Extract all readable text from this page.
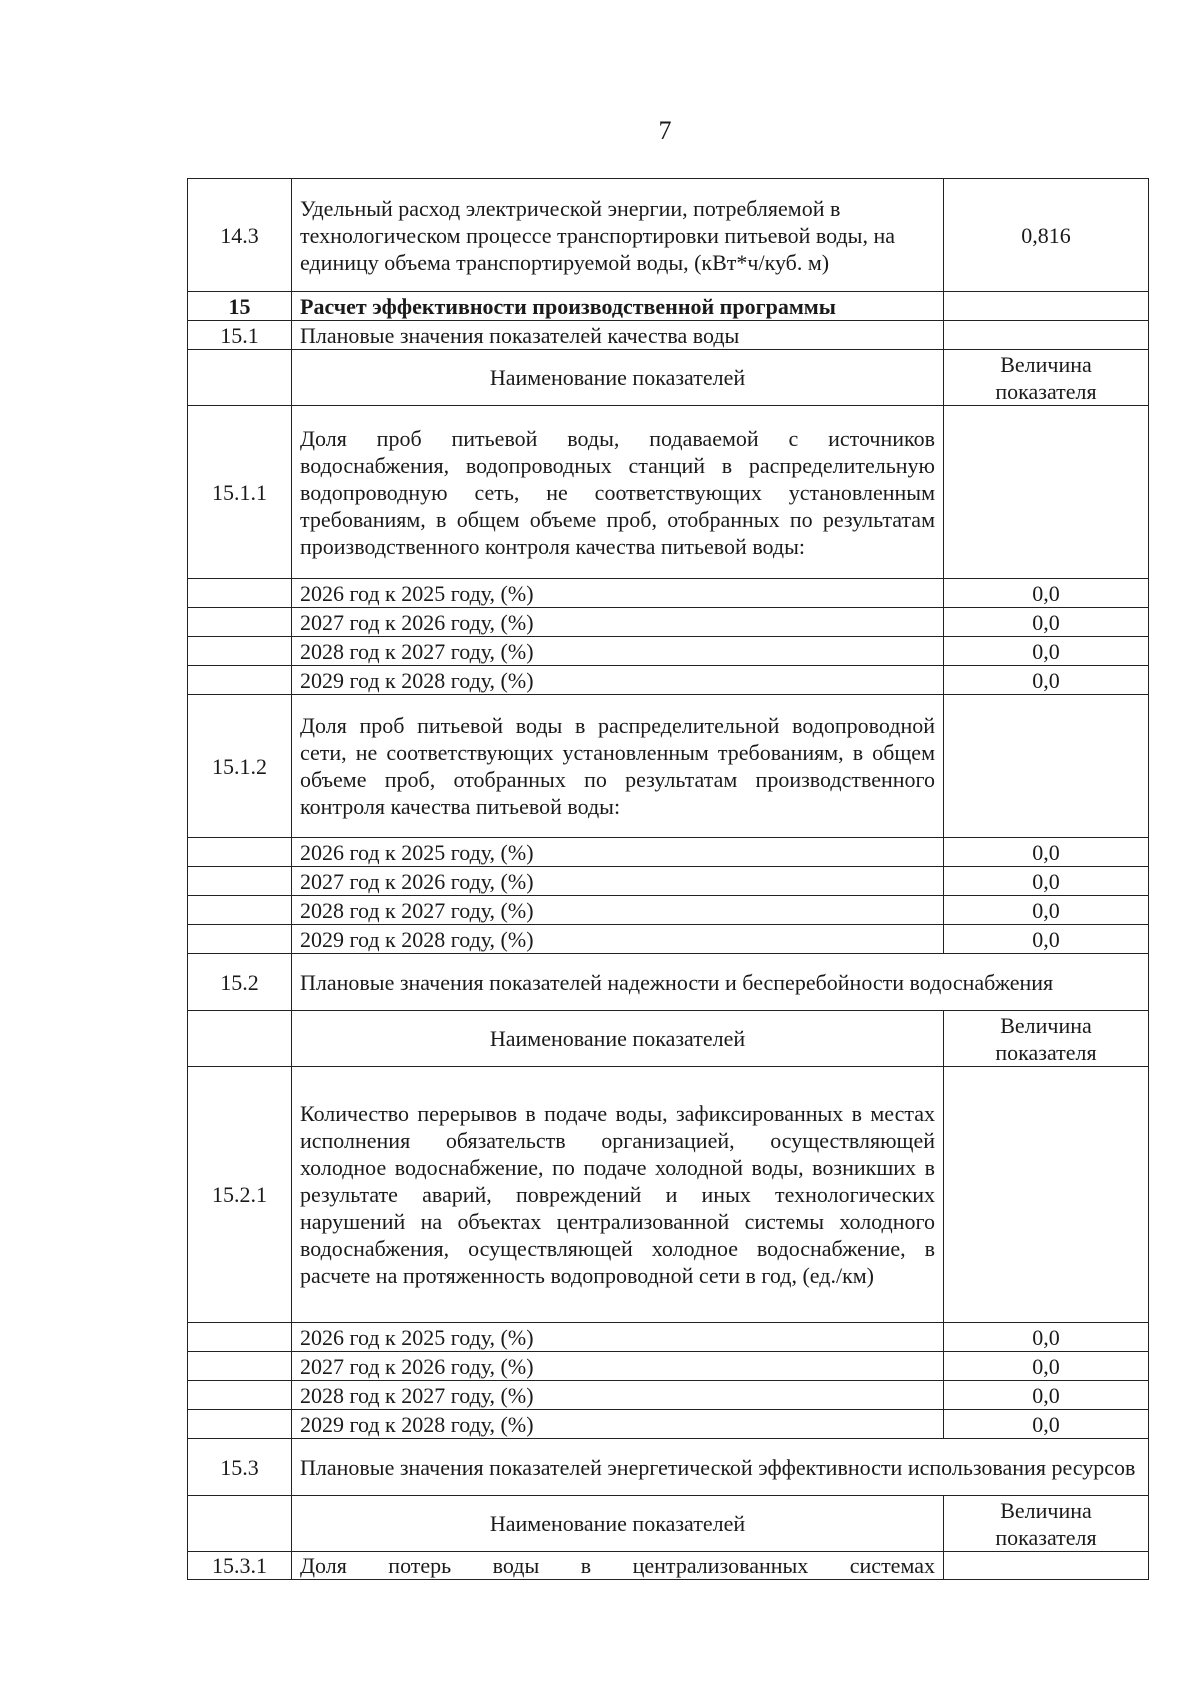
7
14.3	Удельный расход электрической энергии, потребляемой в технологическом процессе транспортировки питьевой воды, на единицу объема транспортируемой воды, (кВт*ч/куб. м)	0,816
15	Расчет эффективности производственной программы	
15.1	Плановые значения показателей качества воды	
	Наименование показателей	Величина показателя
15.1.1	Доля проб питьевой воды, подаваемой с источников водоснабжения, водопроводных станций в распределительную водопроводную сеть, не соответствующих установленным требованиям, в общем объеме проб, отобранных по результатам производственного контроля качества питьевой воды:	
	2026 год к 2025 году, (%)	0,0
	2027 год к 2026 году, (%)	0,0
	2028 год к 2027 году, (%)	0,0
	2029 год к 2028 году, (%)	0,0
15.1.2	Доля проб питьевой воды в распределительной водопроводной сети, не соответствующих установленным требованиям, в общем объеме проб, отобранных по результатам производственного контроля качества питьевой воды:	
	2026 год к 2025 году, (%)	0,0
	2027 год к 2026 году, (%)	0,0
	2028 год к 2027 году, (%)	0,0
	2029 год к 2028 году, (%)	0,0
15.2	Плановые значения показателей надежности и бесперебойности водоснабжения	
	Наименование показателей	Величина показателя
15.2.1	Количество перерывов в подаче воды, зафиксированных в местах исполнения обязательств организацией, осуществляющей холодное водоснабжение, по подаче холодной воды, возникших в результате аварий, повреждений и иных технологических нарушений на объектах централизованной системы холодного водоснабжения, осуществляющей холодное водоснабжение, в расчете на протяженность водопроводной сети в год, (ед./км)	
	2026 год к 2025 году, (%)	0,0
	2027 год к 2026 году, (%)	0,0
	2028 год к 2027 году, (%)	0,0
	2029 год к 2028 году, (%)	0,0
15.3	Плановые значения показателей энергетической эффективности использования ресурсов	
	Наименование показателей	Величина показателя
15.3.1	Доля потерь воды в централизованных системах	
